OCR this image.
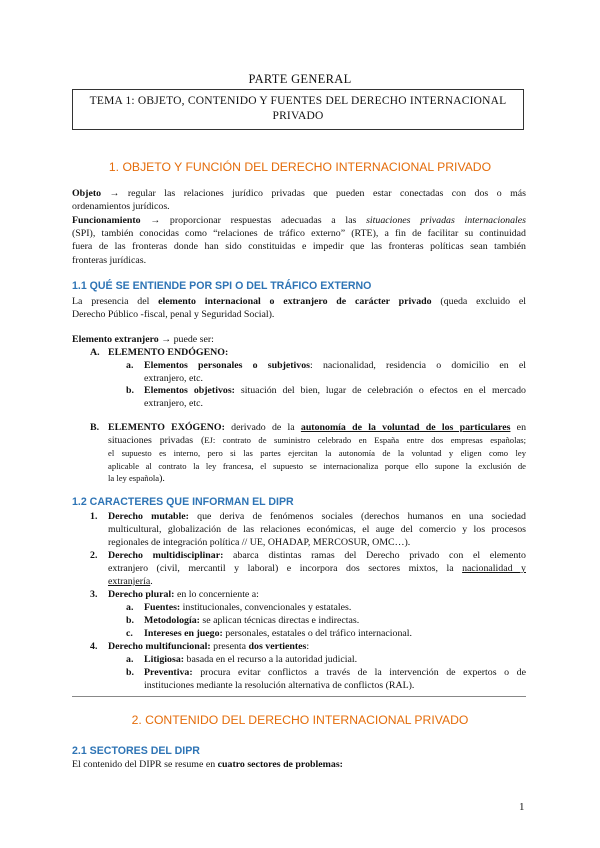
PARTE GENERAL
TEMA 1: OBJETO, CONTENIDO Y FUENTES DEL DERECHO INTERNACIONAL
PRIVADO
1. OBJETO Y FUNCIÓN DEL DERECHO INTERNACIONAL PRIVADO
Objeto → regular las relaciones jurídico privadas que pueden estar conectadas con dos o más
ordenamientos jurídicos.
Funcionamiento → proporcionar respuestas adecuadas a las situaciones privadas internacionales
(SPI), también conocidas como “relaciones de tráfico externo” (RTE), a fin de facilitar su continuidad
fuera de las fronteras donde han sido constituidas e impedir que las fronteras políticas sean también
fronteras jurídicas.
1.1 QUÉ SE ENTIENDE POR SPI O DEL TRÁFICO EXTERNO
La presencia del elemento internacional o extranjero de carácter privado (queda excluido el
Derecho Público -fiscal, penal y Seguridad Social).
Elemento extranjero → puede ser:
A. ELEMENTO ENDÓGENO:
a. Elementos personales o subjetivos: nacionalidad, residencia o domicilio en el
extranjero, etc.
b. Elementos objetivos: situación del bien, lugar de celebración o efectos en el mercado
extranjero, etc.
B. ELEMENTO EXÓGENO: derivado de la autonomía de la voluntad de los particulares en
situaciones privadas (EJ: contrato de suministro celebrado en España entre dos empresas españolas;
el supuesto es interno, pero si las partes ejercitan la autonomía de la voluntad y eligen como ley
aplicable al contrato la ley francesa, el supuesto se internacionaliza porque ello supone la exclusión de
la ley española).
1.2 CARACTERES QUE INFORMAN EL DIPR
1. Derecho mutable: que deriva de fenómenos sociales (derechos humanos en una sociedad
multicultural, globalización de las relaciones económicas, el auge del comercio y los procesos
regionales de integración política // UE, OHADAP, MERCOSUR, OMC…).
2. Derecho multidisciplinar: abarca distintas ramas del Derecho privado con el elemento
extranjero (civil, mercantil y laboral) e incorpora dos sectores mixtos, la nacionalidad y
extranjería.
3. Derecho plural: en lo concerniente a:
a. Fuentes: institucionales, convencionales y estatales.
b. Metodología: se aplican técnicas directas e indirectas.
c. Intereses en juego: personales, estatales o del tráfico internacional.
4. Derecho multifuncional: presenta dos vertientes:
a. Litigiosa: basada en el recurso a la autoridad judicial.
b. Preventiva: procura evitar conflictos a través de la intervención de expertos o de
instituciones mediante la resolución alternativa de conflictos (RAL).
2. CONTENIDO DEL DERECHO INTERNACIONAL PRIVADO
2.1 SECTORES DEL DIPR
El contenido del DIPR se resume en cuatro sectores de problemas:
1
